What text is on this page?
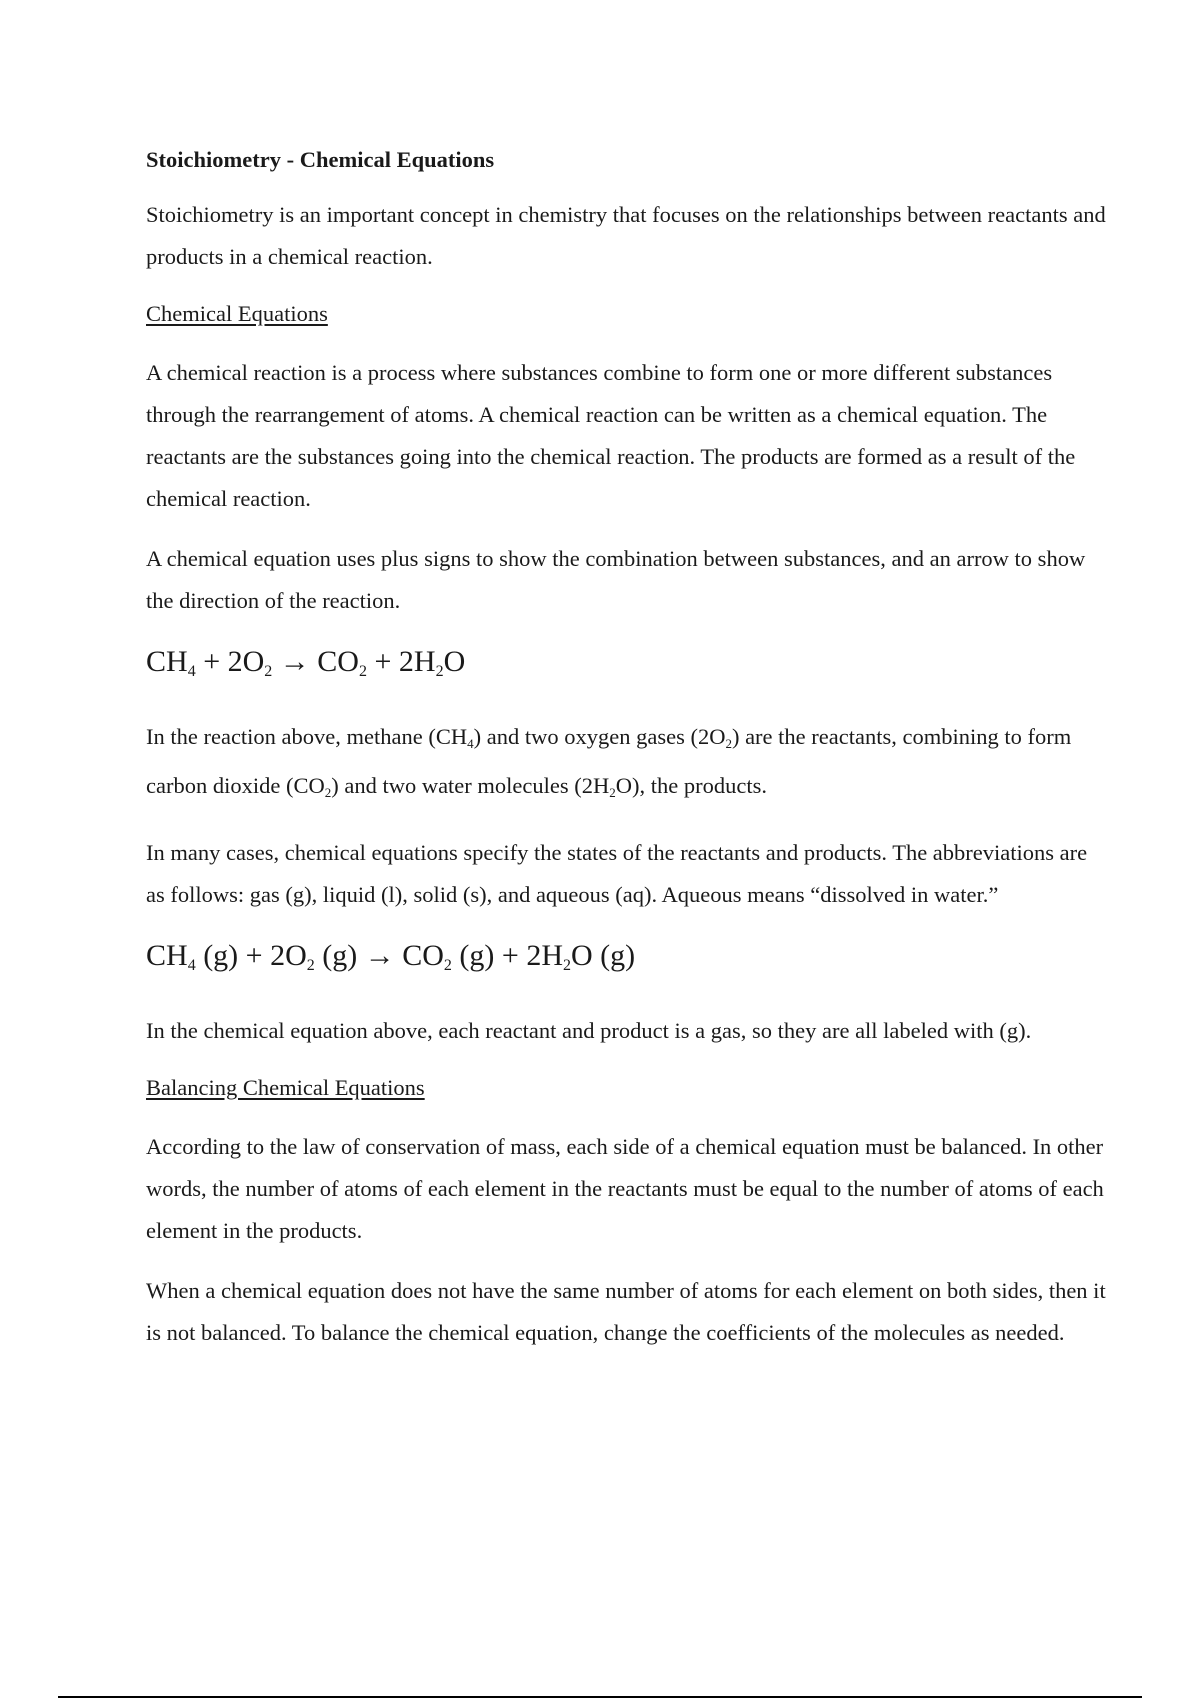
Stoichiometry - Chemical Equations

Stoichiometry is an important concept in chemistry that focuses on the relationships between reactants and products in a chemical reaction.

Chemical Equations

A chemical reaction is a process where substances combine to form one or more different substances through the rearrangement of atoms. A chemical reaction can be written as a chemical equation. The reactants are the substances going into the chemical reaction. The products are formed as a result of the chemical reaction.

A chemical equation uses plus signs to show the combination between substances, and an arrow to show the direction of the reaction.

$CH_4 + 2O_2 \to CO_2 + 2H_2O$

In the reaction above, methane $(CH_4)$ and two oxygen gases $(2O_2)$ are the reactants, combining to form carbon dioxide $(CO_2)$ and two water molecules $(2H_2O)$, the products.

In many cases, chemical equations specify the states of the reactants and products. The abbreviations are as follows: gas (g), liquid (l), solid (s), and aqueous (aq). Aqueous means “dissolved in water.”

$CH_4$ $(g) + 2O_2$ $(g) \to CO_2$ $(g) + 2H_2O$ (g)

In the chemical equation above, each reactant and product is a gas, so they are all labeled with (g).

Balancing Chemical Equations

According to the law of conservation of mass, each side of a chemical equation must be balanced. In other words, the number of atoms of each element in the reactants must be equal to the number of atoms of each element in the products.

When a chemical equation does not have the same number of atoms for each element on both sides, then it is not balanced. To balance the chemical equation, change the coefficients of the molecules as needed.
